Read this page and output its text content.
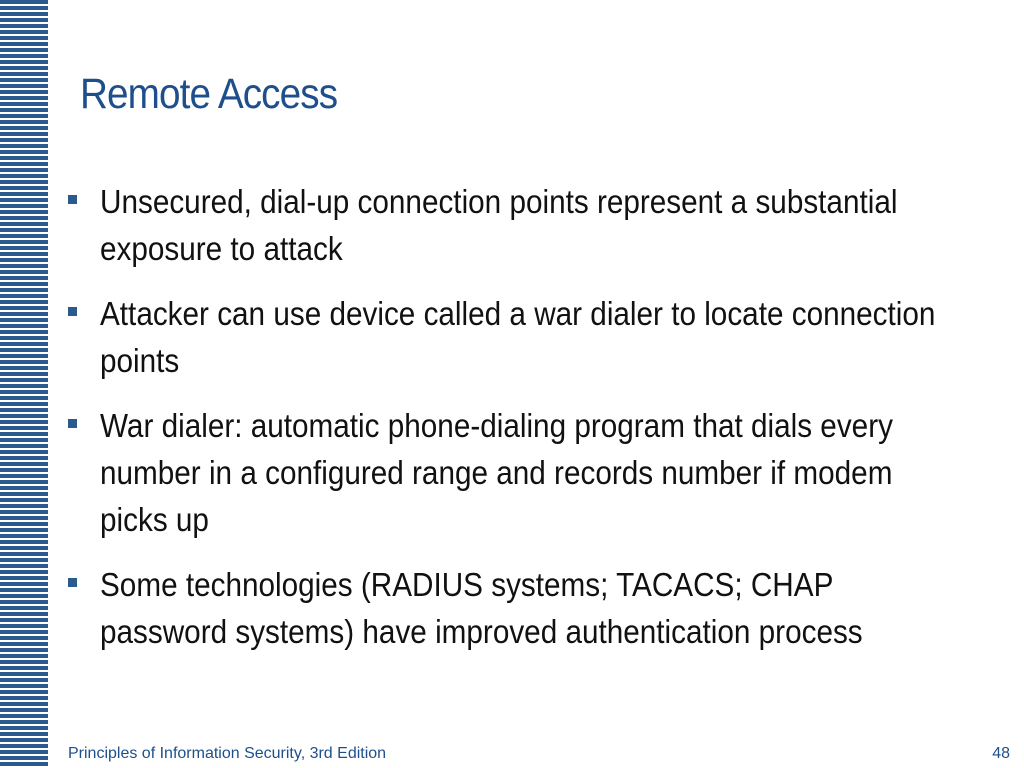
Remote Access
Unsecured, dial-up connection points represent a substantial exposure to attack
Attacker can use device called a war dialer to locate connection points
War dialer: automatic phone-dialing program that dials every number in a configured range and records number if modem picks up
Some technologies (RADIUS systems; TACACS; CHAP password systems) have improved authentication process
Principles of Information Security, 3rd Edition	48
